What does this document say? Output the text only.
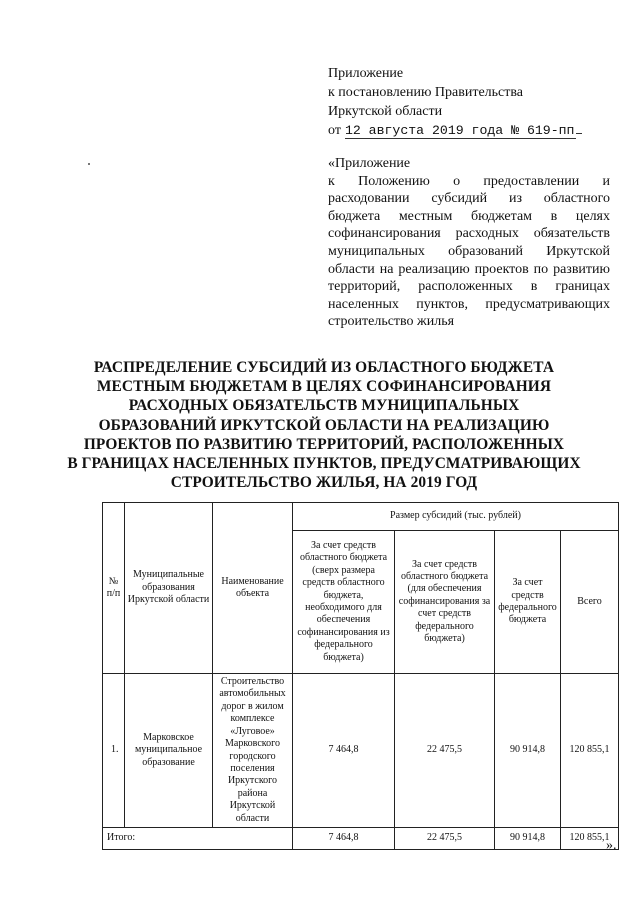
Приложение
к постановлению Правительства
Иркутской области
от 12 августа 2019 года № 619-пп
«Приложение
к Положению о предоставлении и расходовании субсидий из областного бюджета местным бюджетам в целях софинансирования расходных обязательств муниципальных образований Иркутской области на реализацию проектов по развитию территорий, расположенных в границах населенных пунктов, предусматривающих строительство жилья
РАСПРЕДЕЛЕНИЕ СУБСИДИЙ ИЗ ОБЛАСТНОГО БЮДЖЕТА
МЕСТНЫМ БЮДЖЕТАМ В ЦЕЛЯХ СОФИНАНСИРОВАНИЯ
РАСХОДНЫХ ОБЯЗАТЕЛЬСТВ МУНИЦИПАЛЬНЫХ
ОБРАЗОВАНИЙ ИРКУТСКОЙ ОБЛАСТИ НА РЕАЛИЗАЦИЮ
ПРОЕКТОВ ПО РАЗВИТИЮ ТЕРРИТОРИЙ, РАСПОЛОЖЕННЫХ
В ГРАНИЦАХ НАСЕЛЕННЫХ ПУНКТОВ, ПРЕДУСМАТРИВАЮЩИХ
СТРОИТЕЛЬСТВО ЖИЛЬЯ, НА 2019 ГОД
№ п/п	Муниципальные образования Иркутской области	Наименование объекта	Размер субсидий (тыс. рублей)			
			За счет средств областного бюджета (сверх размера средств областного бюджета, необходимого для обеспечения софинансирования из федерального бюджета)	За счет средств областного бюджета (для обеспечения софинансирования за счет средств федерального бюджета)	За счет средств федерального бюджета	Всего
1.	Марковское муниципальное образование	Строительство автомобильных дорог в жилом комплексе «Луговое» Марковского городского поселения Иркутского района Иркутской области	7 464,8	22 475,5	90 914,8	120 855,1
Итого:			7 464,8	22 475,5	90 914,8	120 855,1
».
